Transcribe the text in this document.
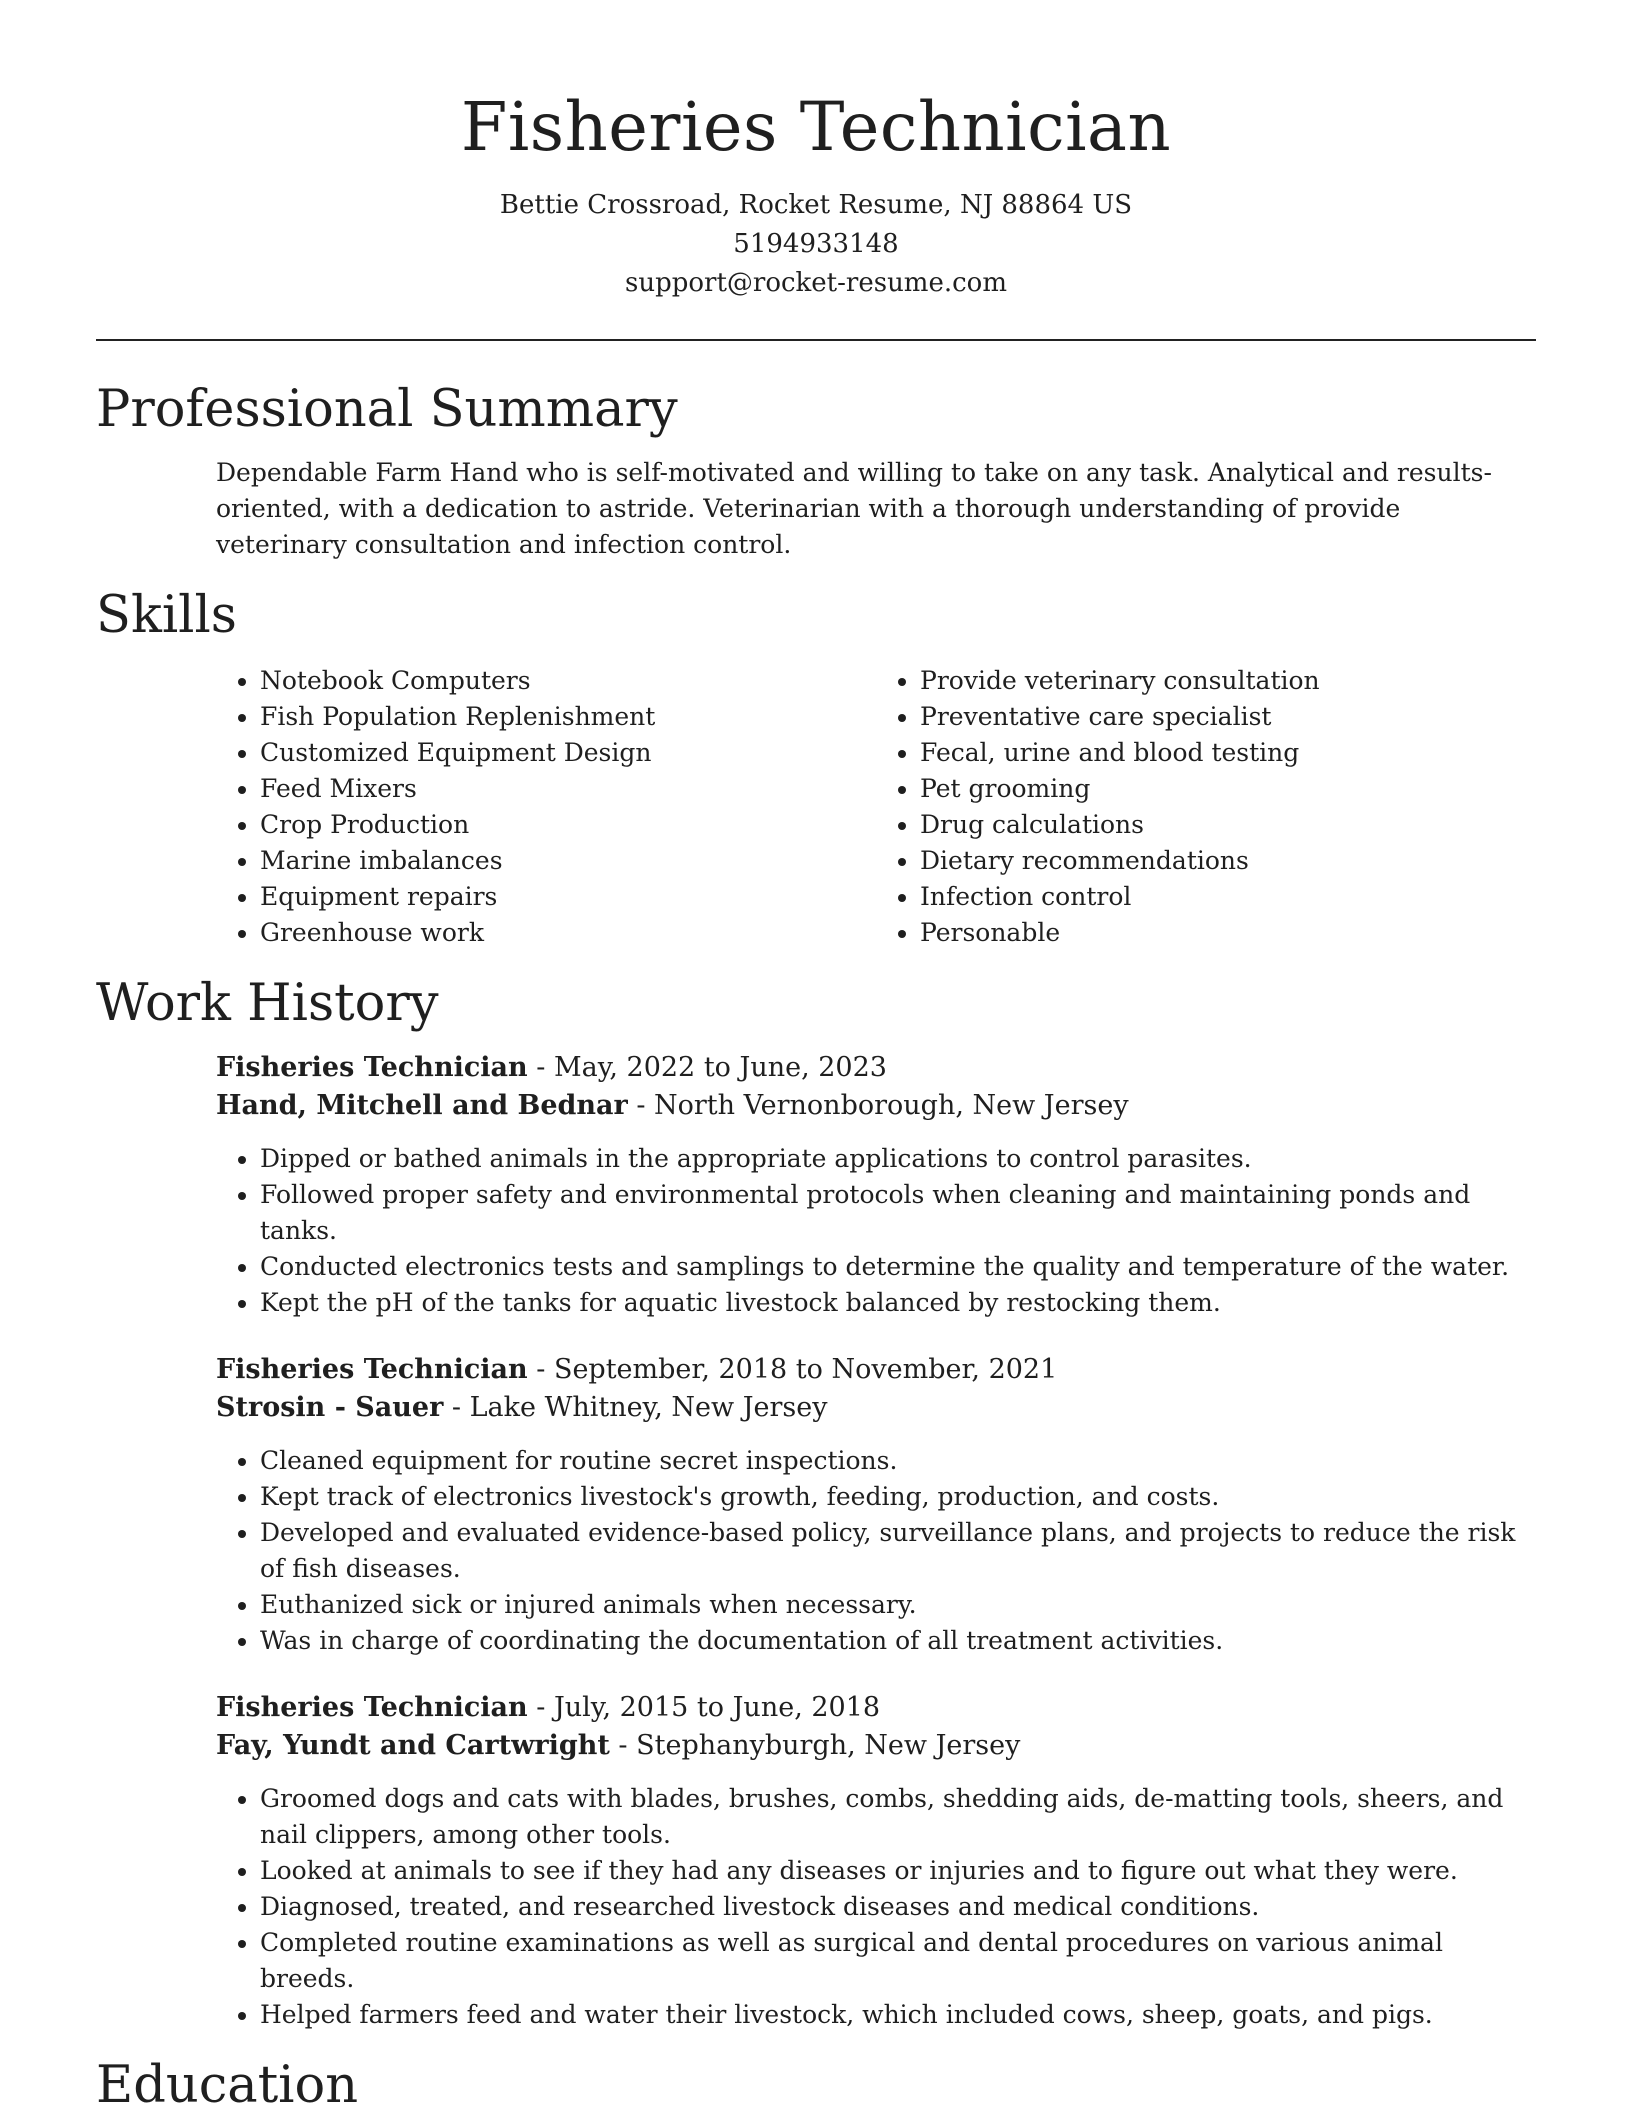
Fisheries Technician
Bettie Crossroad, Rocket Resume, NJ 88864 US
5194933148
support@rocket-resume.com
Professional Summary
Dependable Farm Hand who is self-motivated and willing to take on any task. Analytical and results-oriented, with a dedication to astride. Veterinarian with a thorough understanding of provide veterinary consultation and infection control.
Skills
• Notebook Computers
• Fish Population Replenishment
• Customized Equipment Design
• Feed Mixers
• Crop Production
• Marine imbalances
• Equipment repairs
• Greenhouse work
• Provide veterinary consultation
• Preventative care specialist
• Fecal, urine and blood testing
• Pet grooming
• Drug calculations
• Dietary recommendations
• Infection control
• Personable
Work History
Fisheries Technician - May, 2022 to June, 2023
Hand, Mitchell and Bednar - North Vernonborough, New Jersey
• Dipped or bathed animals in the appropriate applications to control parasites.
• Followed proper safety and environmental protocols when cleaning and maintaining ponds and tanks.
• Conducted electronics tests and samplings to determine the quality and temperature of the water.
• Kept the pH of the tanks for aquatic livestock balanced by restocking them.
Fisheries Technician - September, 2018 to November, 2021
Strosin - Sauer - Lake Whitney, New Jersey
• Cleaned equipment for routine secret inspections.
• Kept track of electronics livestock's growth, feeding, production, and costs.
• Developed and evaluated evidence-based policy, surveillance plans, and projects to reduce the risk of fish diseases.
• Euthanized sick or injured animals when necessary.
• Was in charge of coordinating the documentation of all treatment activities.
Fisheries Technician - July, 2015 to June, 2018
Fay, Yundt and Cartwright - Stephanyburgh, New Jersey
• Groomed dogs and cats with blades, brushes, combs, shedding aids, de-matting tools, sheers, and nail clippers, among other tools.
• Looked at animals to see if they had any diseases or injuries and to figure out what they were.
• Diagnosed, treated, and researched livestock diseases and medical conditions.
• Completed routine examinations as well as surgical and dental procedures on various animal breeds.
• Helped farmers feed and water their livestock, which included cows, sheep, goats, and pigs.
Education
